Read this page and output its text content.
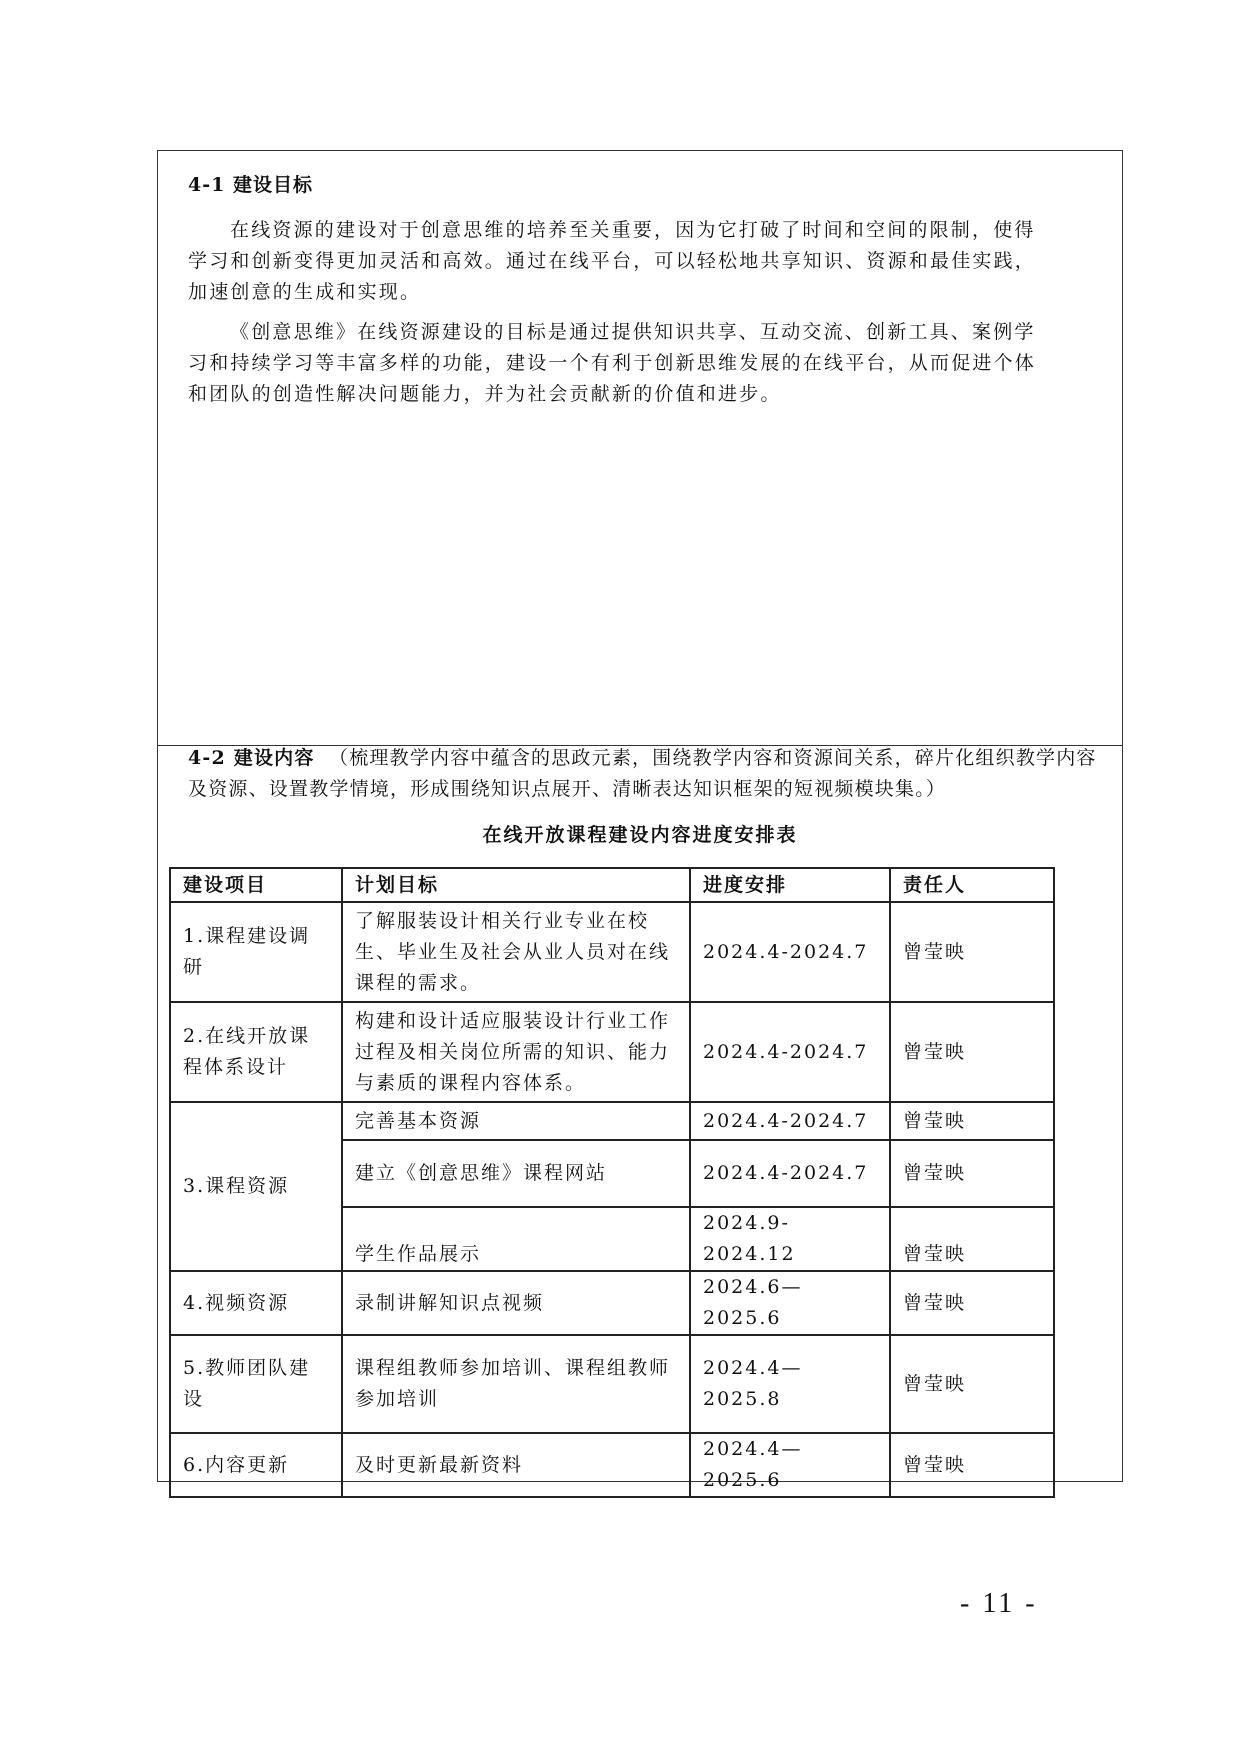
4-1 建设目标

在线资源的建设对于创意思维的培养至关重要，因为它打破了时间和空间的限制，使得学习和创新变得更加灵活和高效。通过在线平台，可以轻松地共享知识、资源和最佳实践，加速创意的生成和实现。

《创意思维》在线资源建设的目标是通过提供知识共享、互动交流、创新工具、案例学习和持续学习等丰富多样的功能，建设一个有利于创新思维发展的在线平台，从而促进个体和团队的创造性解决问题能力，并为社会贡献新的价值和进步。

4-2 建设内容 （梳理教学内容中蕴含的思政元素，围绕教学内容和资源间关系，碎片化组织教学内容及资源、设置教学情境，形成围绕知识点展开、清晰表达知识框架的短视频模块集。）

在线开放课程建设内容进度安排表
建设项目	计划目标	进度安排	责任人
1.课程建设调研	了解服装设计相关行业专业在校生、毕业生及社会从业人员对在线课程的需求。	2024.4-2024.7	曾莹映
2.在线开放课程体系设计	构建和设计适应服装设计行业工作过程及相关岗位所需的知识、能力与素质的课程内容体系。	2024.4-2024.7	曾莹映
3.课程资源	完善基本资源	2024.4-2024.7	曾莹映
	建立《创意思维》课程网站	2024.4-2024.7	曾莹映
	学生作品展示	2024.9-2024.12	曾莹映
4.视频资源	录制讲解知识点视频	2024.6—2025.6	曾莹映
5.教师团队建设	课程组教师参加培训、课程组教师参加培训	2024.4—2025.8	曾莹映
6.内容更新	及时更新最新资料	2024.4—2025.6	曾莹映
- 11 -
